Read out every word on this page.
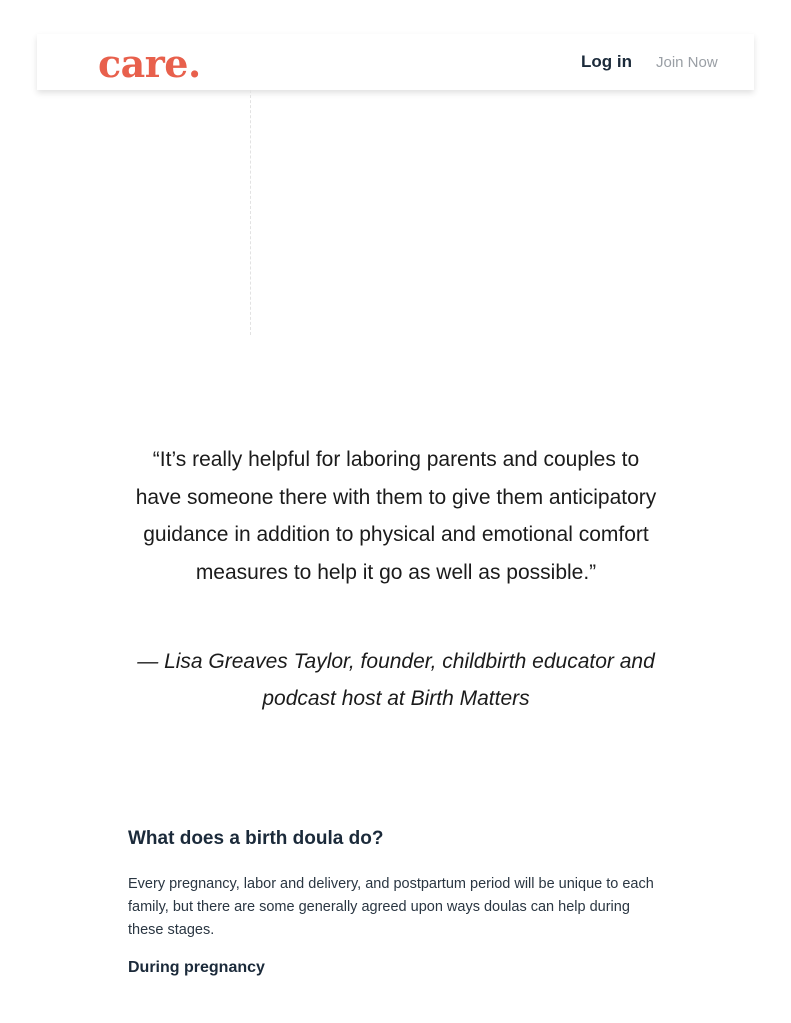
care.	Log in Join Now

“It’s really helpful for laboring parents and couples to have someone there with them to give them anticipatory guidance in addition to physical and emotional comfort measures to help it go as well as possible.”

— Lisa Greaves Taylor, founder, childbirth educator and podcast host at Birth Matters

What does a birth doula do?

Every pregnancy, labor and delivery, and postpartum period will be unique to each family, but there are some generally agreed upon ways doulas can help during these stages.

During pregnancy
